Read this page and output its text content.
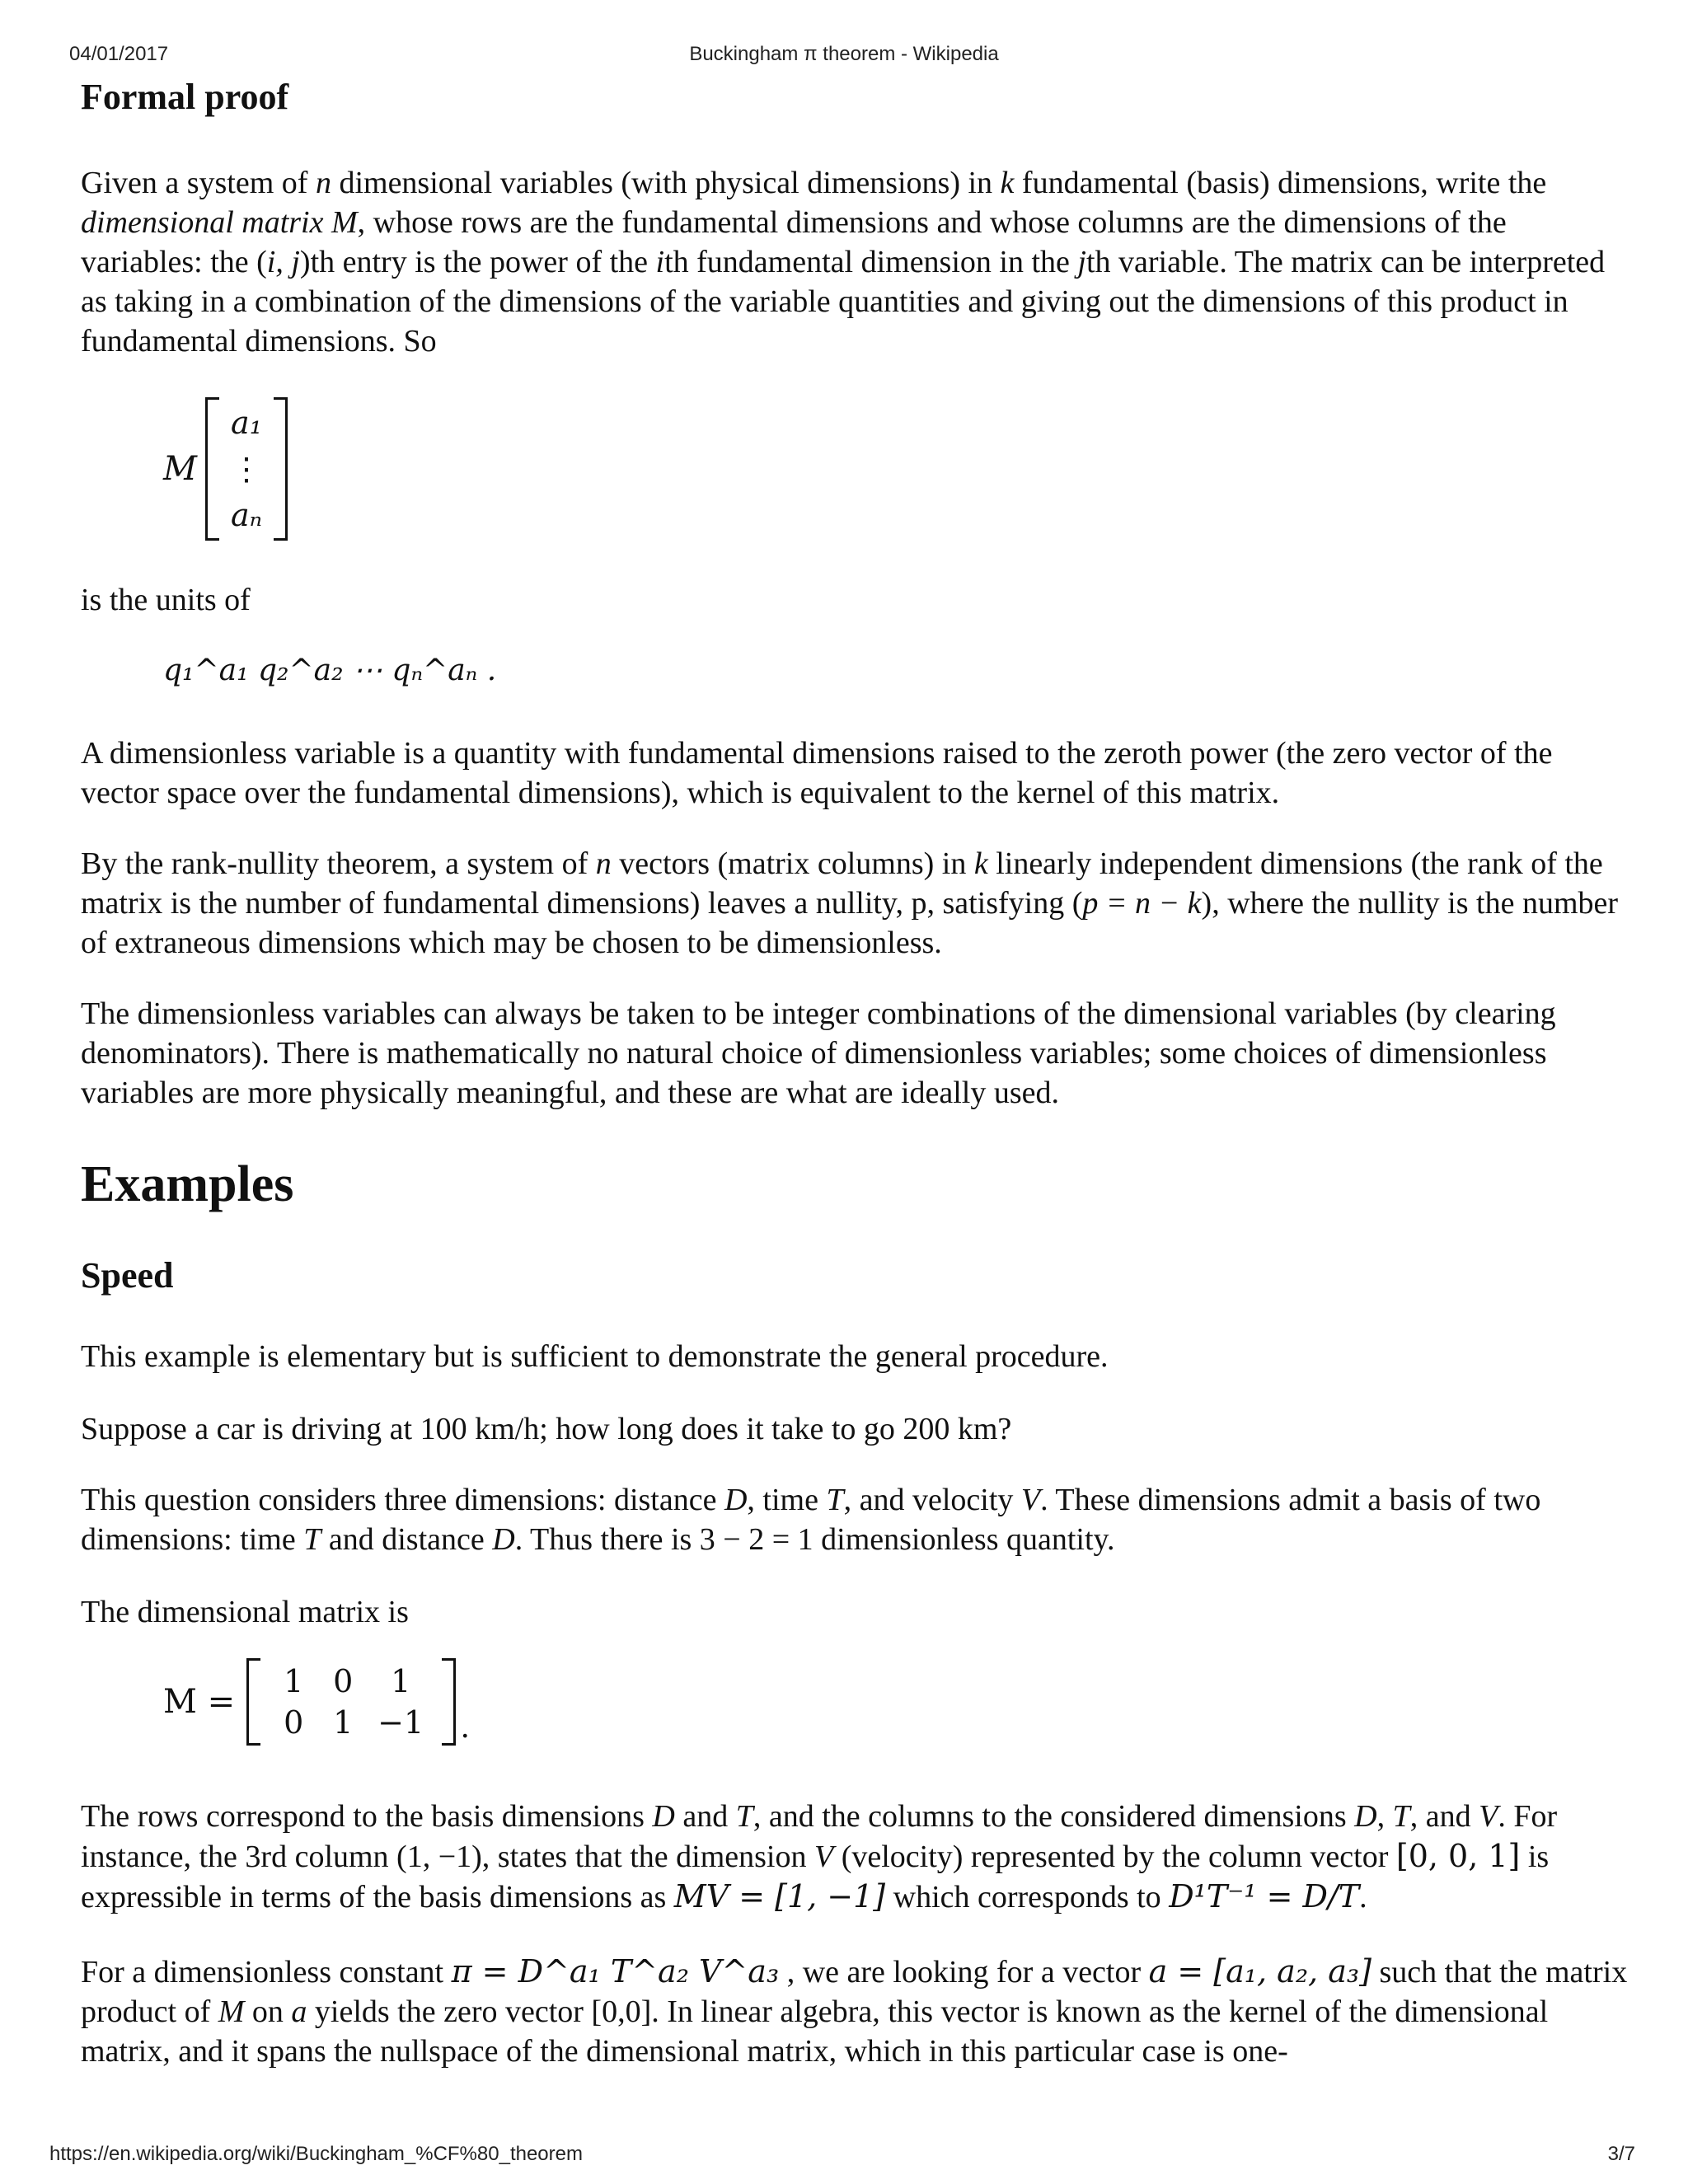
04/01/2017	Buckingham π theorem - Wikipedia
Formal proof

Given a system of n dimensional variables (with physical dimensions) in k fundamental (basis) dimensions, write the dimensional matrix M, whose rows are the fundamental dimensions and whose columns are the dimensions of the variables: the (i, j)th entry is the power of the ith fundamental dimension in the jth variable. The matrix can be interpreted as taking in a combination of the dimensions of the variable quantities and giving out the dimensions of this product in fundamental dimensions. So

M
a₁
⋮
aₙ

is the units of

q₁^a₁ q₂^a₂ ⋯ qₙ^aₙ .

A dimensionless variable is a quantity with fundamental dimensions raised to the zeroth power (the zero vector of the vector space over the fundamental dimensions), which is equivalent to the kernel of this matrix.

By the rank-nullity theorem, a system of n vectors (matrix columns) in k linearly independent dimensions (the rank of the matrix is the number of fundamental dimensions) leaves a nullity, p, satisfying (p = n − k), where the nullity is the number of extraneous dimensions which may be chosen to be dimensionless.

The dimensionless variables can always be taken to be integer combinations of the dimensional variables (by clearing denominators). There is mathematically no natural choice of dimensionless variables; some choices of dimensionless variables are more physically meaningful, and these are what are ideally used.

Examples
Speed

This example is elementary but is sufficient to demonstrate the general procedure.

Suppose a car is driving at 100 km/h; how long does it take to go 200 km?

This question considers three dimensions: distance D, time T, and velocity V. These dimensions admit a basis of two dimensions: time T and distance D. Thus there is 3 − 2 = 1 dimensionless quantity.

The dimensional matrix is

M =
1 0	1
0 1 −1 .

The rows correspond to the basis dimensions D and T, and the columns to the considered dimensions D, T, and V. For instance, the 3rd column (1, −1), states that the dimension V (velocity) represented by the column vector [0, 0, 1] is expressible in terms of the basis dimensions as MV = [1, −1] which corresponds to D¹T⁻¹ = D/T.

For a dimensionless constant π = D^a₁ T^a₂ V^a₃ , we are looking for a vector a = [a₁, a₂, a₃] such that the matrix product of M on a yields the zero vector [0,0]. In linear algebra, this vector is known as the kernel of the dimensional matrix, and it spans the nullspace of the dimensional matrix, which in this particular case is one-

https://en.wikipedia.org/wiki/Buckingham_%CF%80_theorem	3/7
